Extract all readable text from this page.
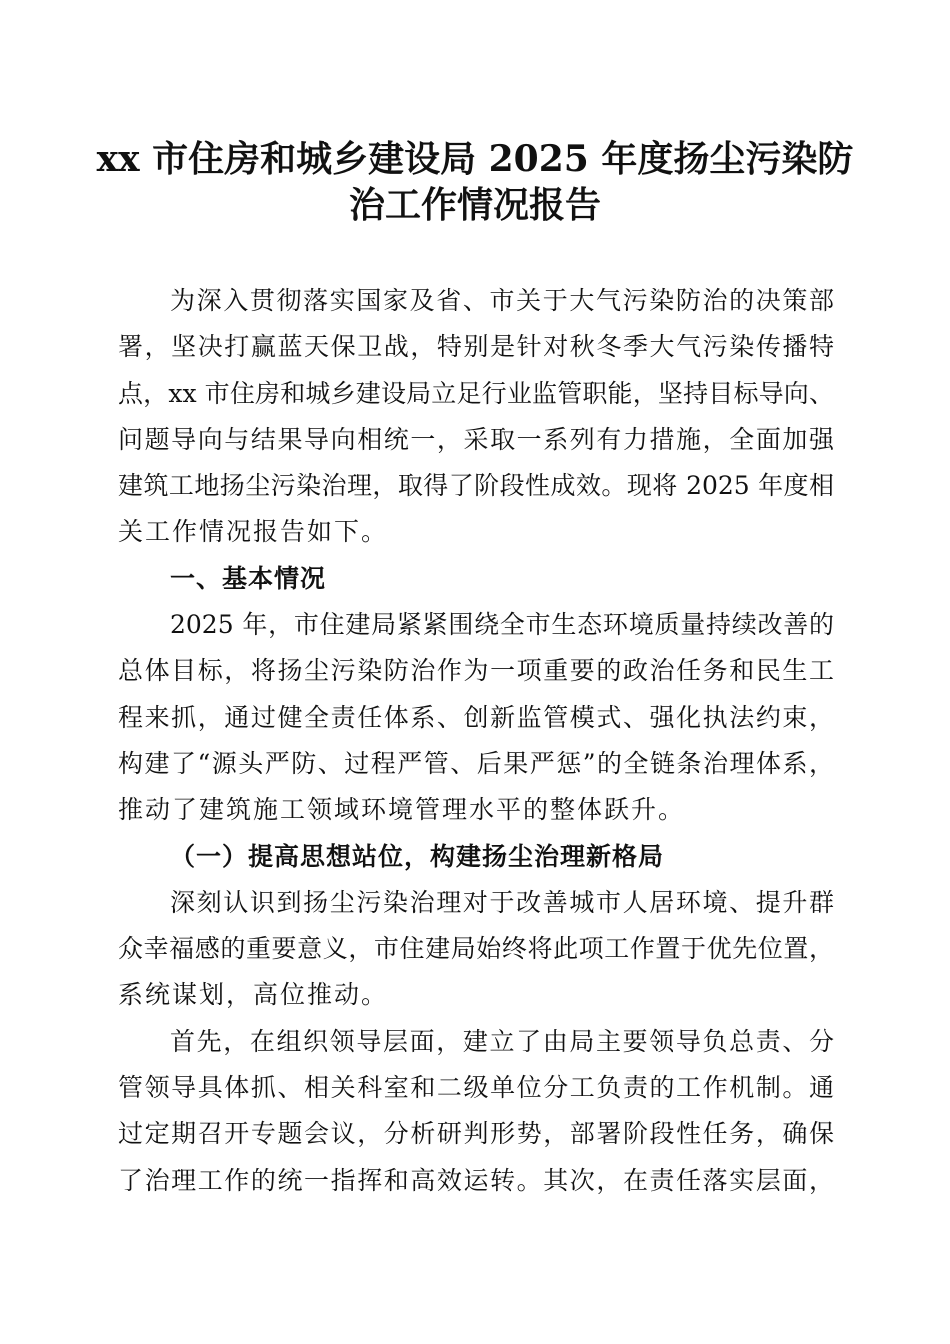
xx 市住房和城乡建设局 2025 年度扬尘污染防
治工作情况报告
为深入贯彻落实国家及省、市关于大气污染防治的决策部
署，坚决打赢蓝天保卫战，特别是针对秋冬季大气污染传播特
点，xx 市住房和城乡建设局立足行业监管职能，坚持目标导向、
问题导向与结果导向相统一，采取一系列有力措施，全面加强
建筑工地扬尘污染治理，取得了阶段性成效。现将 2025 年度相
关工作情况报告如下。
一、基本情况
2025 年，市住建局紧紧围绕全市生态环境质量持续改善的
总体目标，将扬尘污染防治作为一项重要的政治任务和民生工
程来抓，通过健全责任体系、创新监管模式、强化执法约束，
构建了“源头严防、过程严管、后果严惩”的全链条治理体系，
推动了建筑施工领域环境管理水平的整体跃升。
（一）提高思想站位，构建扬尘治理新格局
深刻认识到扬尘污染治理对于改善城市人居环境、提升群
众幸福感的重要意义，市住建局始终将此项工作置于优先位置，
系统谋划，高位推动。
首先，在组织领导层面，建立了由局主要领导负总责、分
管领导具体抓、相关科室和二级单位分工负责的工作机制。通
过定期召开专题会议，分析研判形势，部署阶段性任务，确保
了治理工作的统一指挥和高效运转。其次，在责任落实层面，
